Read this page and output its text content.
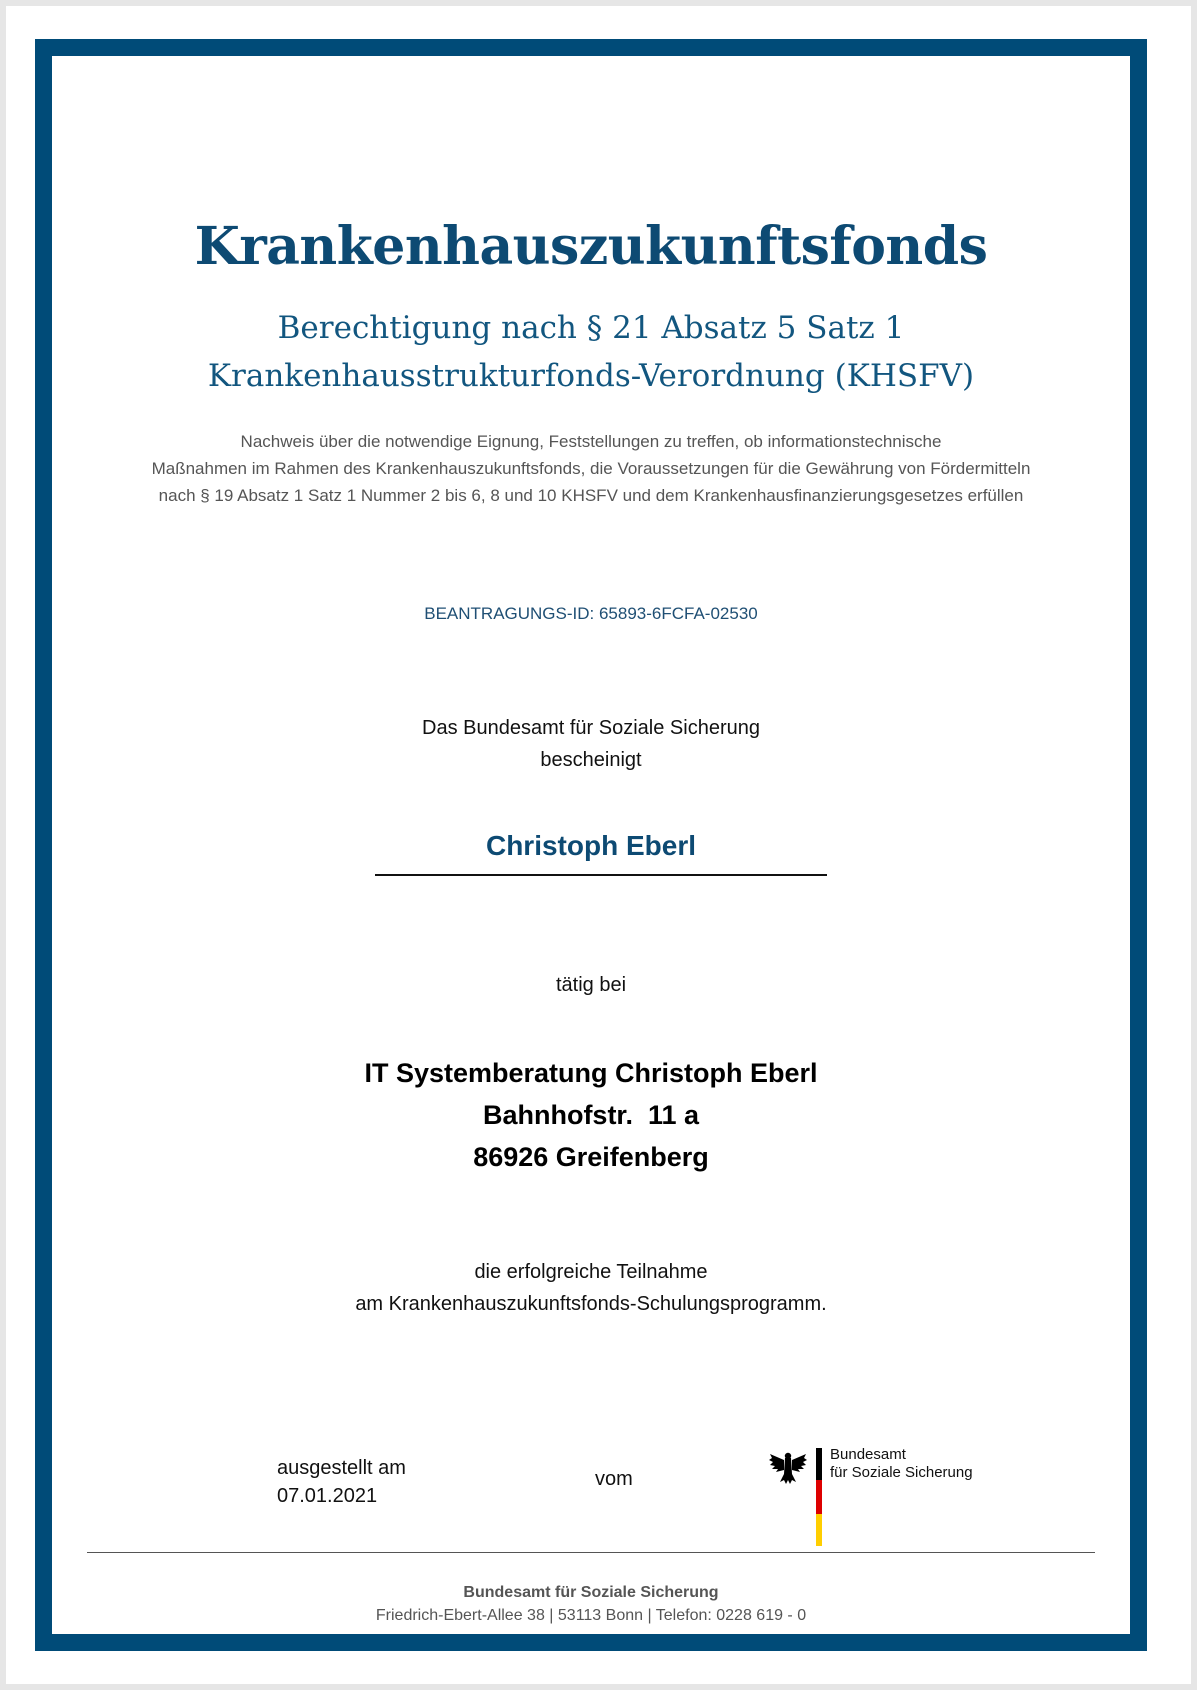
Krankenhauszukunftsfonds
Berechtigung nach § 21 Absatz 5 Satz 1
Krankenhausstrukturfonds-Verordnung (KHSFV)
Nachweis über die notwendige Eignung, Feststellungen zu treffen, ob informationstechnische
Maßnahmen im Rahmen des Krankenhauszukunftsfonds, die Voraussetzungen für die Gewährung von Fördermitteln
nach § 19 Absatz 1 Satz 1 Nummer 2 bis 6, 8 und 10 KHSFV und dem Krankenhausfinanzierungsgesetzes erfüllen
BEANTRAGUNGS-ID: 65893-6FCFA-02530
Das Bundesamt für Soziale Sicherung
bescheinigt
Christoph Eberl
tätig bei
IT Systemberatung Christoph Eberl
Bahnhofstr.  11 a
86926 Greifenberg
die erfolgreiche Teilnahme
am Krankenhauszukunftsfonds-Schulungsprogramm.
ausgestellt am
07.01.2021
vom
Bundesamt
für Soziale Sicherung
Bundesamt für Soziale Sicherung
Friedrich-Ebert-Allee 38 | 53113 Bonn | Telefon: 0228 619 - 0
